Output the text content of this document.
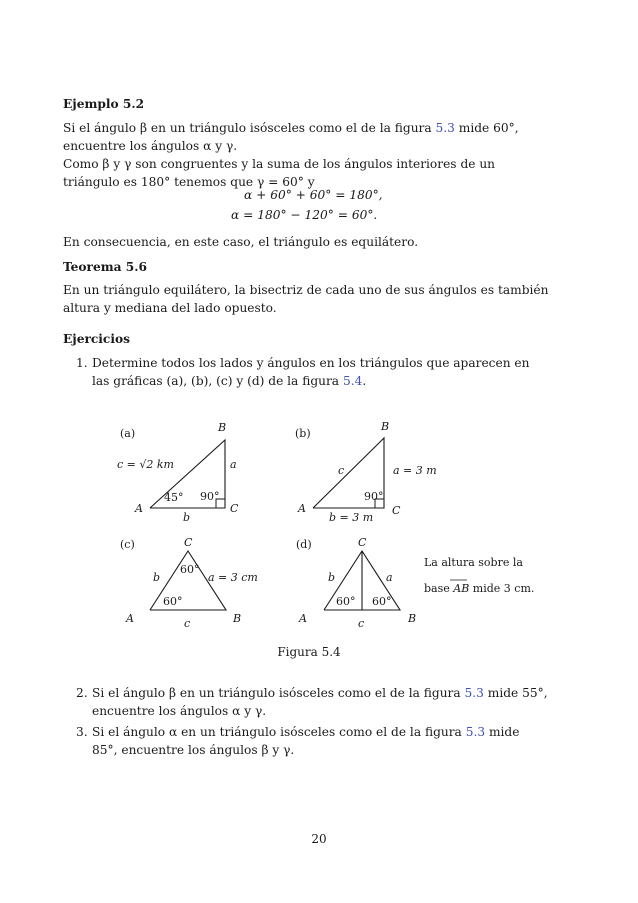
Ejemplo 5.2
Si el ángulo β en un triángulo isósceles como el de la figura 5.3 mide 60°, encuentre los ángulos α y γ.
Como β y γ son congruentes y la suma de los ángulos interiores de un triángulo es 180° tenemos que γ = 60° y
α + 60° + 60° = 180°,
α = 180° − 120° = 60°.
En consecuencia, en este caso, el triángulo es equilátero.
Teorema 5.6
En un triángulo equilátero, la bisectriz de cada uno de sus ángulos es también altura y mediana del lado opuesto.
Ejercicios
1. Determine todos los lados y ángulos en los triángulos que aparecen en las gráficas (a), (b), (c) y (d) de la figura 5.4.
(a)	B
A	C
c = √2 km	a
b
45° 90°
(b)
B
A	C
c	a = 3 m
b = 3 m
90°
(c)	C
A	B
b	a = 3 cm
c
60°
60°
(d)	C
A	B
b	a
c
60° 60°
La altura sobre la
base AB mide 3 cm.
Figura 5.4
2. Si el ángulo β en un triángulo isósceles como el de la figura 5.3 mide 55°, encuentre los ángulos α y γ.
3. Si el ángulo α en un triángulo isósceles como el de la figura 5.3 mide 85°, encuentre los ángulos β y γ.
20
